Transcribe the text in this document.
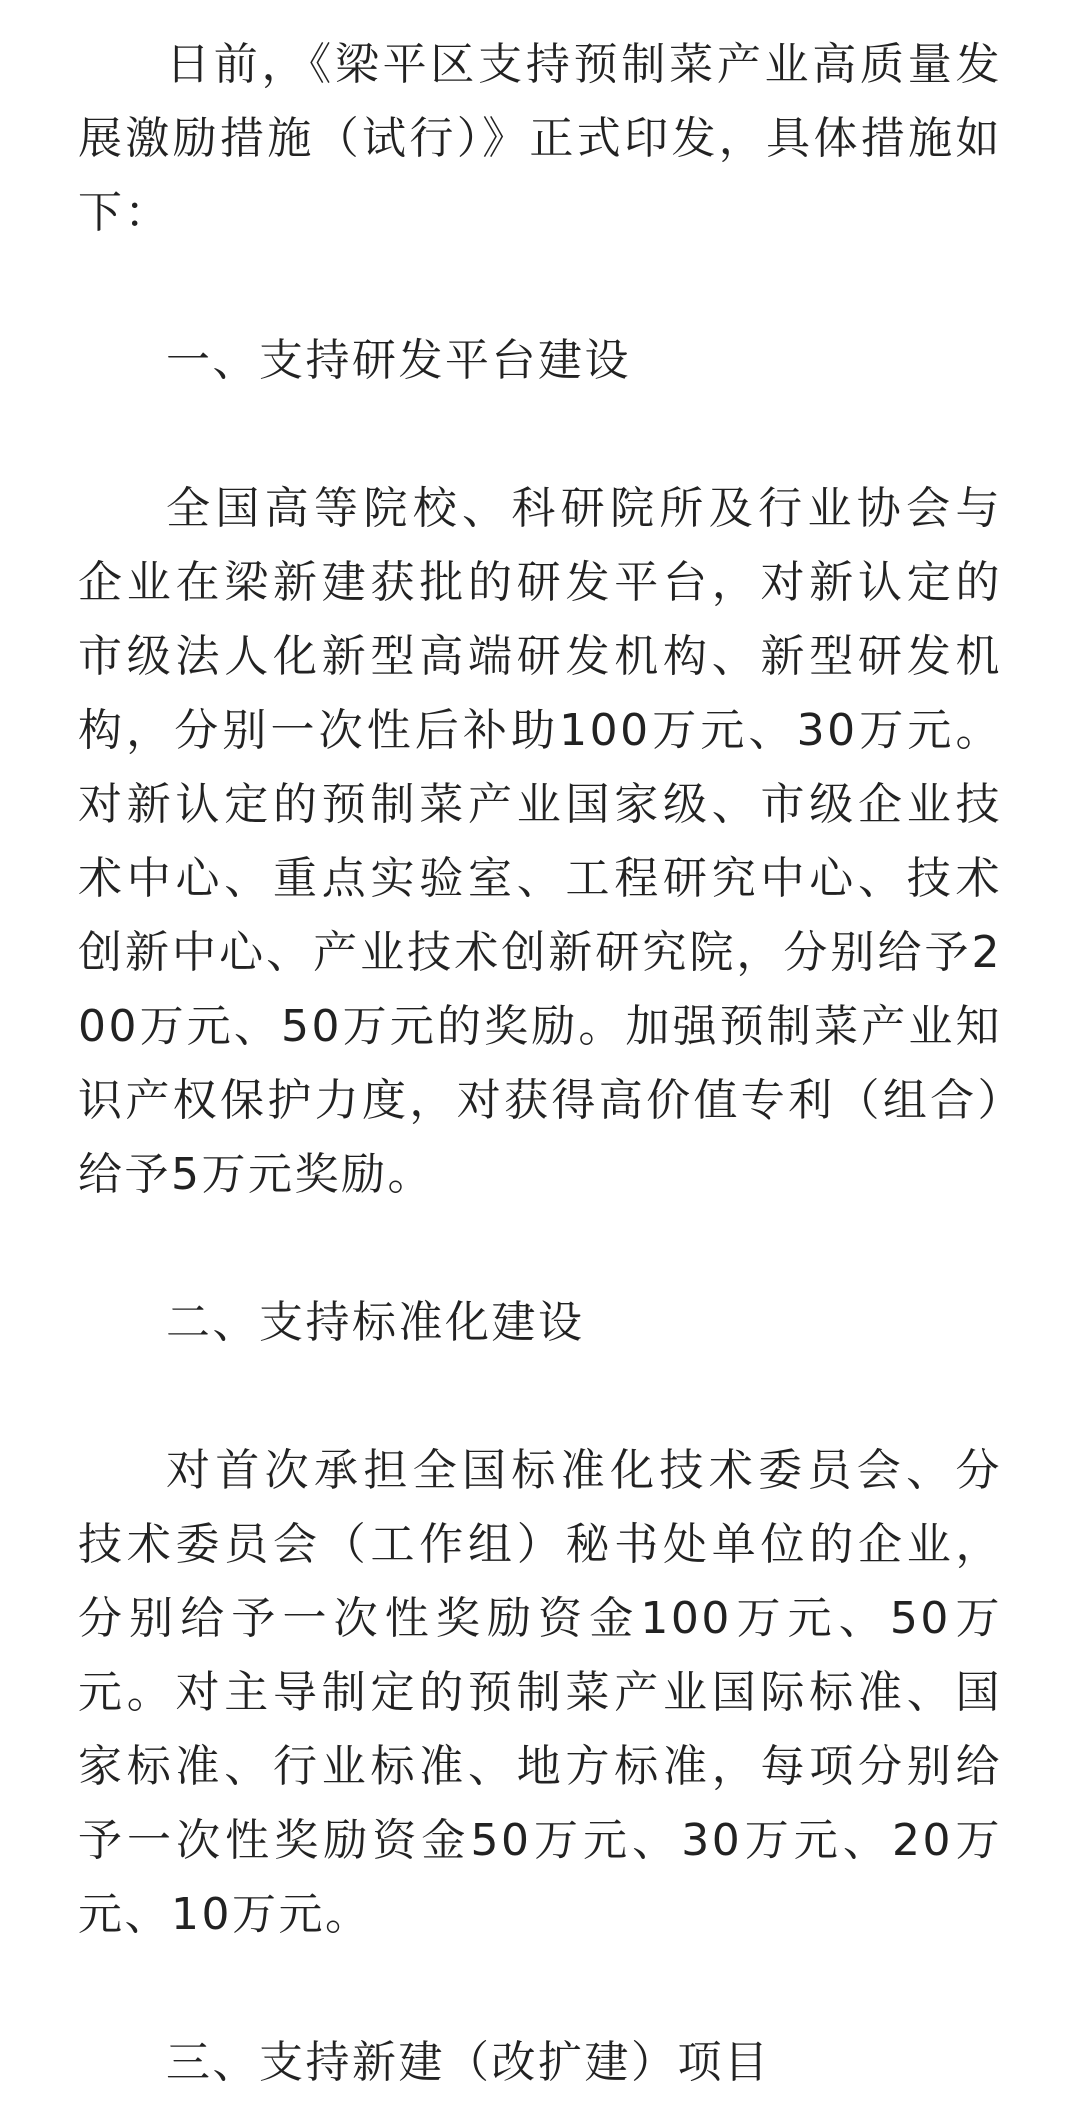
日前，《梁平区支持预制菜产业高质量发展激励措施（试行）》正式印发，具体措施如下：

一、支持研发平台建设

全国高等院校、科研院所及行业协会与企业在梁新建获批的研发平台，对新认定的市级法人化新型高端研发机构、新型研发机构，分别一次性后补助100万元、30万元。对新认定的预制菜产业国家级、市级企业技术中心、重点实验室、工程研究中心、技术创新中心、产业技术创新研究院，分别给予200万元、50万元的奖励。加强预制菜产业知识产权保护力度，对获得高价值专利（组合）给予5万元奖励。

二、支持标准化建设

对首次承担全国标准化技术委员会、分技术委员会（工作组）秘书处单位的企业，分别给予一次性奖励资金100万元、50万元。对主导制定的预制菜产业国际标准、国家标准、行业标准、地方标准，每项分别给予一次性奖励资金50万元、30万元、20万元、10万元。

三、支持新建（改扩建）项目
